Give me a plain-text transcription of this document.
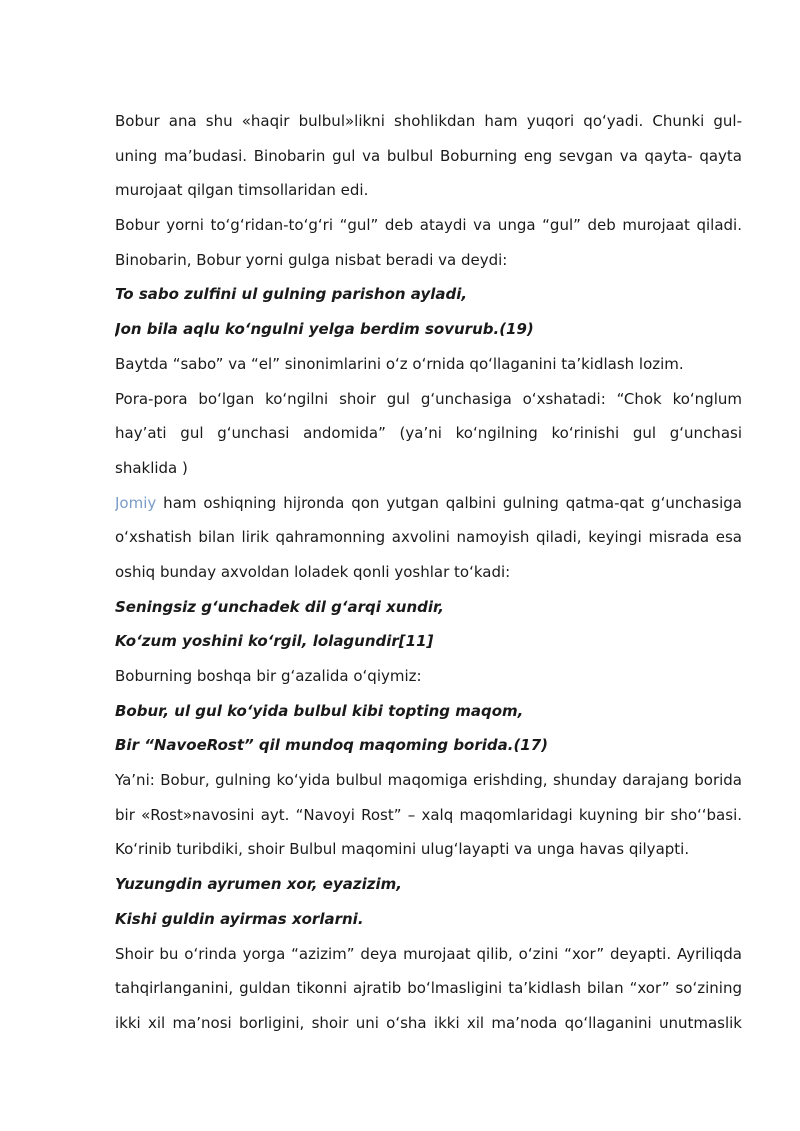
Bobur ana shu «haqir bulbul»likni shohlikdan ham yuqori qoʻyadi. Chunki gul-
uning maʼbudasi. Binobarin gul va bulbul Boburning eng sevgan va qayta- qayta
murojaat qilgan timsollaridan edi.
Bobur yorni toʻgʻridan-toʻgʻri “gul” deb ataydi va unga “gul” deb murojaat qiladi.
Binobarin, Bobur yorni gulga nisbat beradi va deydi:
To sabo zulfini ul gulning parishon ayladi,
Jon bila aqlu koʻngulni yelga berdim sovurub.(19)
Baytda “sabo” va “el” sinonimlarini oʻz oʻrnida qoʻllaganini taʼkidlash lozim.
Pora-pora boʻlgan koʻngilni shoir gul gʻunchasiga oʻxshatadi: “Chok koʻnglum
hayʼati gul gʻunchasi andomida” (yaʼni koʻngilning koʻrinishi gul gʻunchasi
shaklida )
Jomiy ham oshiqning hijronda qon yutgan qalbini gulning qatma-qat gʻunchasiga
oʻxshatish bilan lirik qahramonning axvolini namoyish qiladi, keyingi misrada esa
oshiq bunday axvoldan loladek qonli yoshlar toʻkadi:
Seningsiz gʻunchadek dil gʻarqi xundir,
Koʻzum yoshini koʻrgil, lolagundir[11]
Boburning boshqa bir gʻazalida oʻqiymiz:
Bobur, ul gul koʻyida bulbul kibi topting maqom,
Bir “NavoeRost” qil mundoq maqoming borida.(17)
Yaʼni: Bobur, gulning koʻyida bulbul maqomiga erishding, shunday darajang borida
bir «Rost»navosini ayt. “Navoyi Rost” – xalq maqomlaridagi kuyning bir shoʻʻbasi.
Koʻrinib turibdiki, shoir Bulbul maqomini ulugʻlayapti va unga havas qilyapti.
Yuzungdin ayrumen xor, eyazizim,
Kishi guldin ayirmas xorlarni.
Shoir bu oʻrinda yorga “azizim” deya murojaat qilib, oʻzini “xor” deyapti. Ayriliqda
tahqirlanganini, guldan tikonni ajratib boʻlmasligini taʼkidlash bilan “xor” soʻzining
ikki xil maʼnosi borligini, shoir uni oʻsha ikki xil maʼnoda qoʻllaganini unutmaslik
